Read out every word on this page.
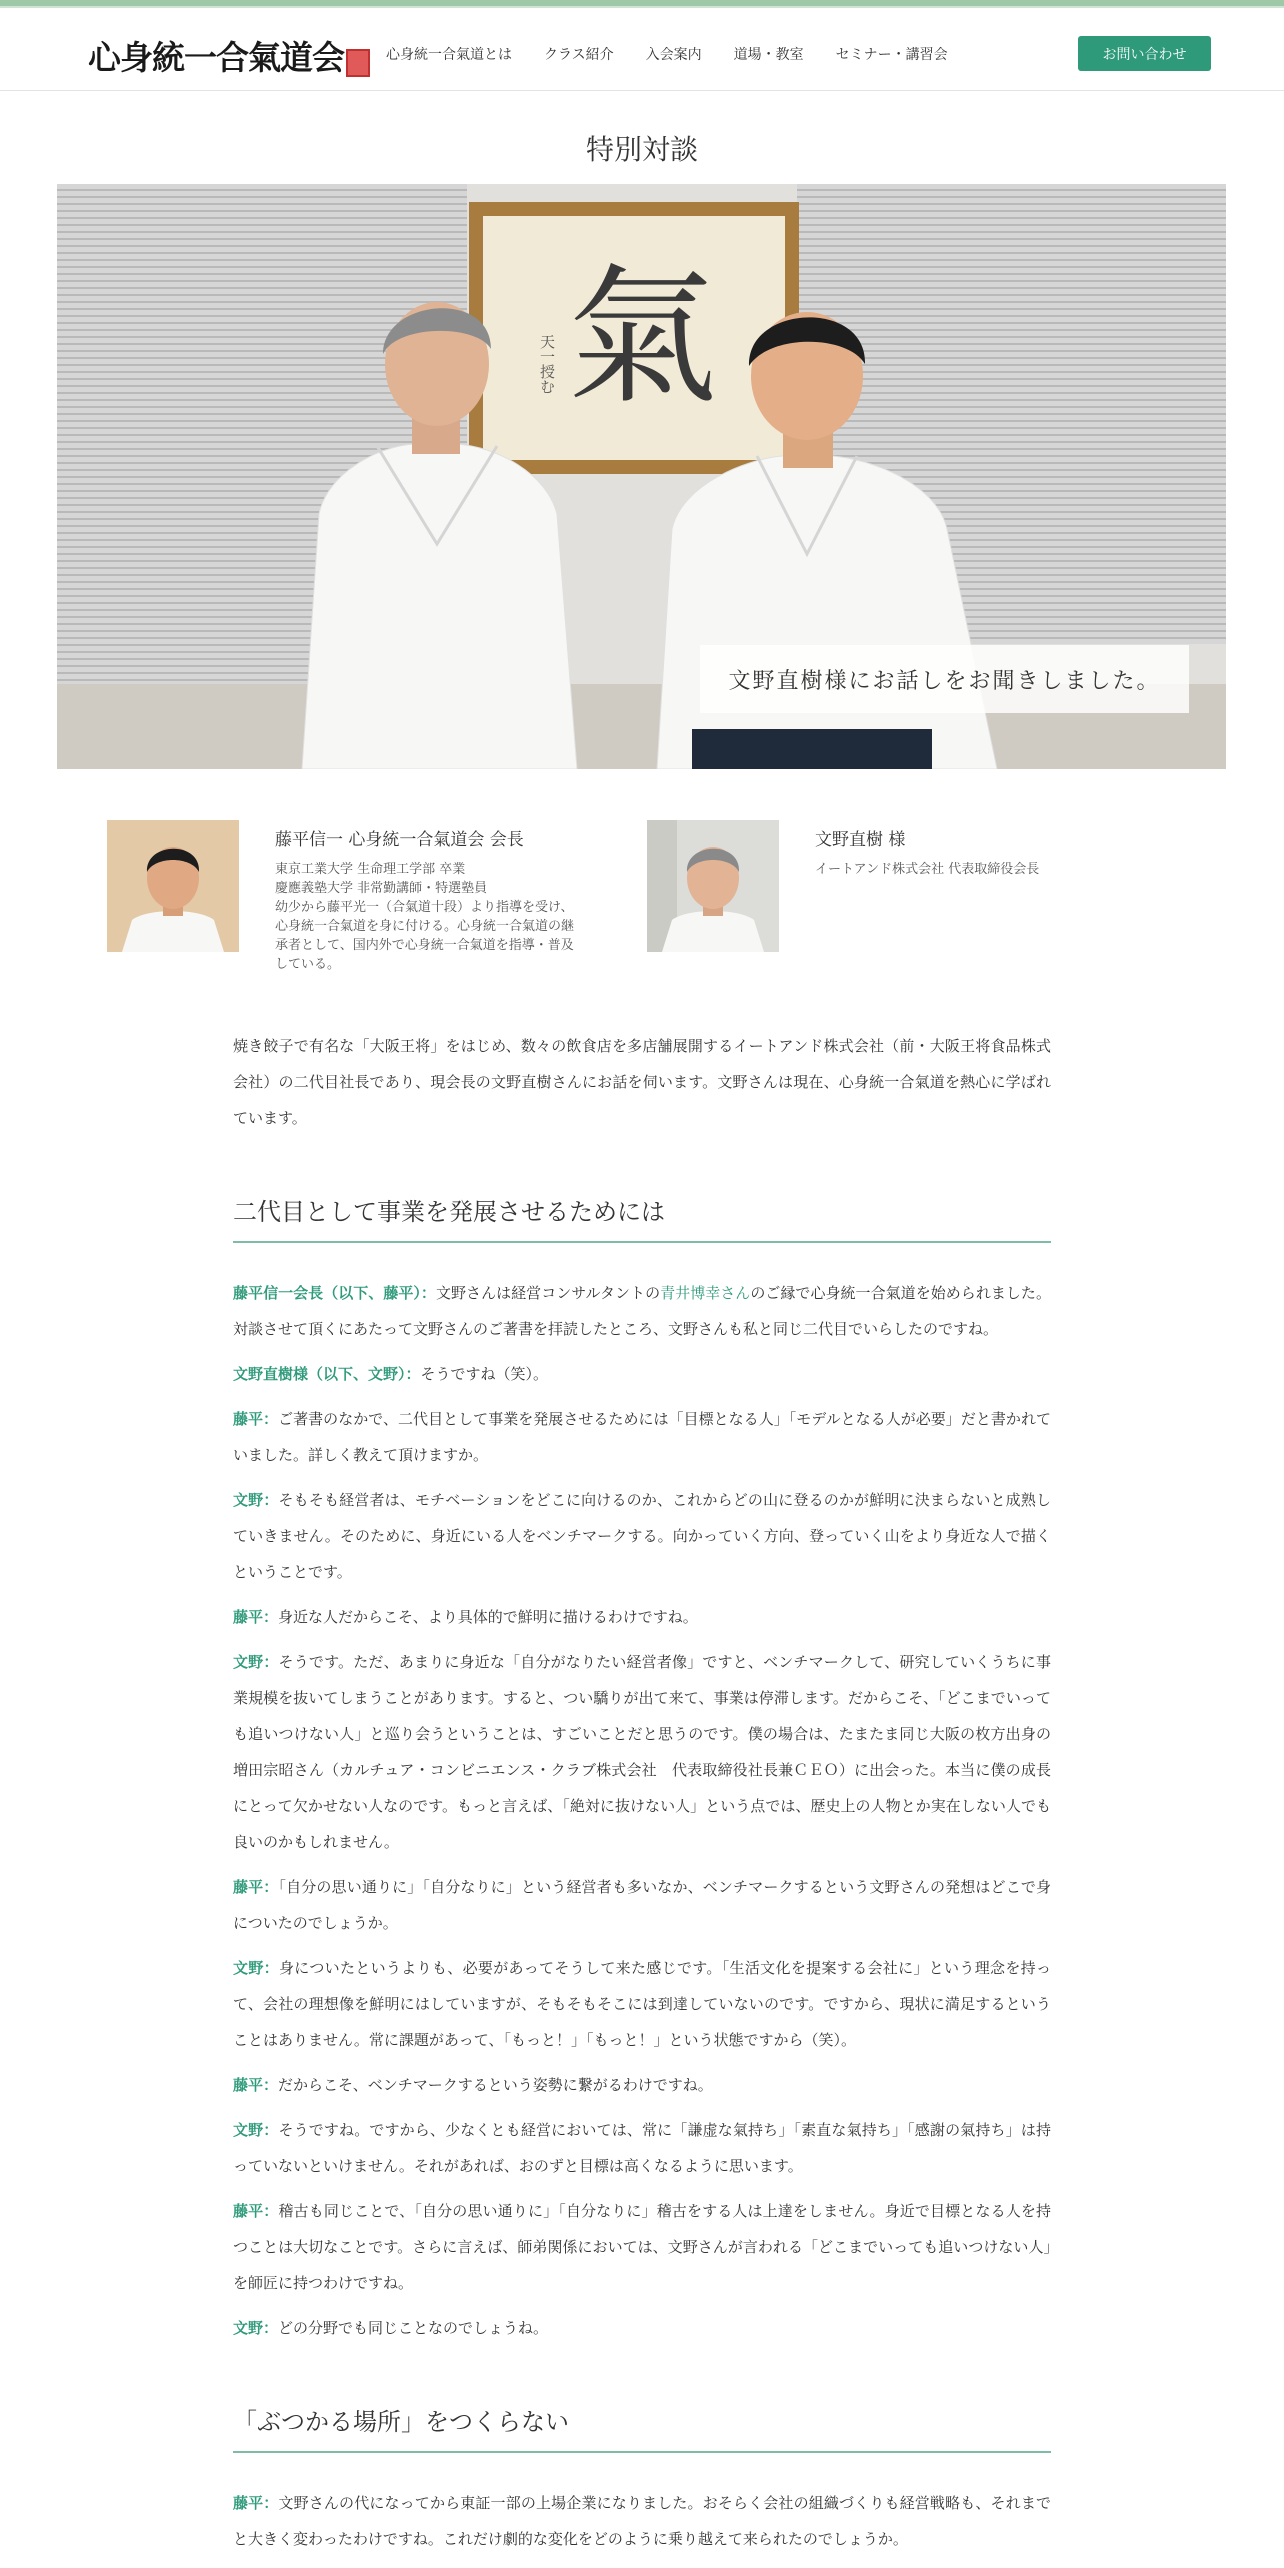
心身統一合氣道会	心身統一合氣道とは クラス紹介 入会案内 道場・教室 セミナー・講習会	お問い合わせ
特別対談
氣
天一授む
文野直樹様にお話しをお聞きしました。
藤平信一 心身統一合氣道会 会長
東京工業大学 生命理工学部 卒業
慶應義塾大学 非常勤講師・特選塾員
幼少から藤平光一（合氣道十段）より指導を受け、
心身統一合氣道を身に付ける。心身統一合氣道の継
承者として、国内外で心身統一合氣道を指導・普及
している。
文野直樹 様
イートアンド株式会社 代表取締役会長

焼き餃子で有名な「大阪王将」をはじめ、数々の飲食店を多店舗展開するイートアンド株式会社（前・大阪王将食品株式会社）の二代目社長であり、現会長の文野直樹さんにお話を伺います。文野さんは現在、心身統一合氣道を熱心に学ばれています。

二代目として事業を発展させるためには

藤平信一会長（以下、藤平）：文野さんは経営コンサルタントの青井博幸さんのご縁で心身統一合氣道を始められました。対談させて頂くにあたって文野さんのご著書を拝読したところ、文野さんも私と同じ二代目でいらしたのですね。

文野直樹様（以下、文野）：そうですね（笑）。

藤平：ご著書のなかで、二代目として事業を発展させるためには「目標となる人」「モデルとなる人が必要」だと書かれていました。詳しく教えて頂けますか。

文野：そもそも経営者は、モチベーションをどこに向けるのか、これからどの山に登るのかが鮮明に決まらないと成熟していきません。そのために、身近にいる人をベンチマークする。向かっていく方向、登っていく山をより身近な人で描くということです。

藤平：身近な人だからこそ、より具体的で鮮明に描けるわけですね。

文野：そうです。ただ、あまりに身近な「自分がなりたい経営者像」ですと、ベンチマークして、研究していくうちに事業規模を抜いてしまうことがあります。すると、つい驕りが出て来て、事業は停滞します。だからこそ、「どこまでいっても追いつけない人」と巡り会うということは、すごいことだと思うのです。僕の場合は、たまたま同じ大阪の枚方出身の増田宗昭さん（カルチュア・コンビニエンス・クラブ株式会社　代表取締役社長兼ＣＥＯ）に出会った。本当に僕の成長にとって欠かせない人なのです。もっと言えば、「絶対に抜けない人」という点では、歴史上の人物とか実在しない人でも良いのかもしれません。

藤平：「自分の思い通りに」「自分なりに」という経営者も多いなか、ベンチマークするという文野さんの発想はどこで身についたのでしょうか。

文野：身についたというよりも、必要があってそうして来た感じです。「生活文化を提案する会社に」という理念を持って、会社の理想像を鮮明にはしていますが、そもそもそこには到達していないのです。ですから、現状に満足するということはありません。常に課題があって、「もっと！」「もっと！」という状態ですから（笑）。

藤平：だからこそ、ベンチマークするという姿勢に繋がるわけですね。

文野：そうですね。ですから、少なくとも経営においては、常に「謙虚な氣持ち」「素直な氣持ち」「感謝の氣持ち」は持っていないといけません。それがあれば、おのずと目標は高くなるように思います。

藤平：稽古も同じことで、「自分の思い通りに」「自分なりに」稽古をする人は上達をしません。身近で目標となる人を持つことは大切なことです。さらに言えば、師弟関係においては、文野さんが言われる「どこまでいっても追いつけない人」を師匠に持つわけですね。

文野：どの分野でも同じことなのでしょうね。

「ぶつかる場所」をつくらない

藤平：文野さんの代になってから東証一部の上場企業になりました。おそらく会社の組織づくりも経営戦略も、それまでと大きく変わったわけですね。これだけ劇的な変化をどのように乗り越えて来られたのでしょうか。
